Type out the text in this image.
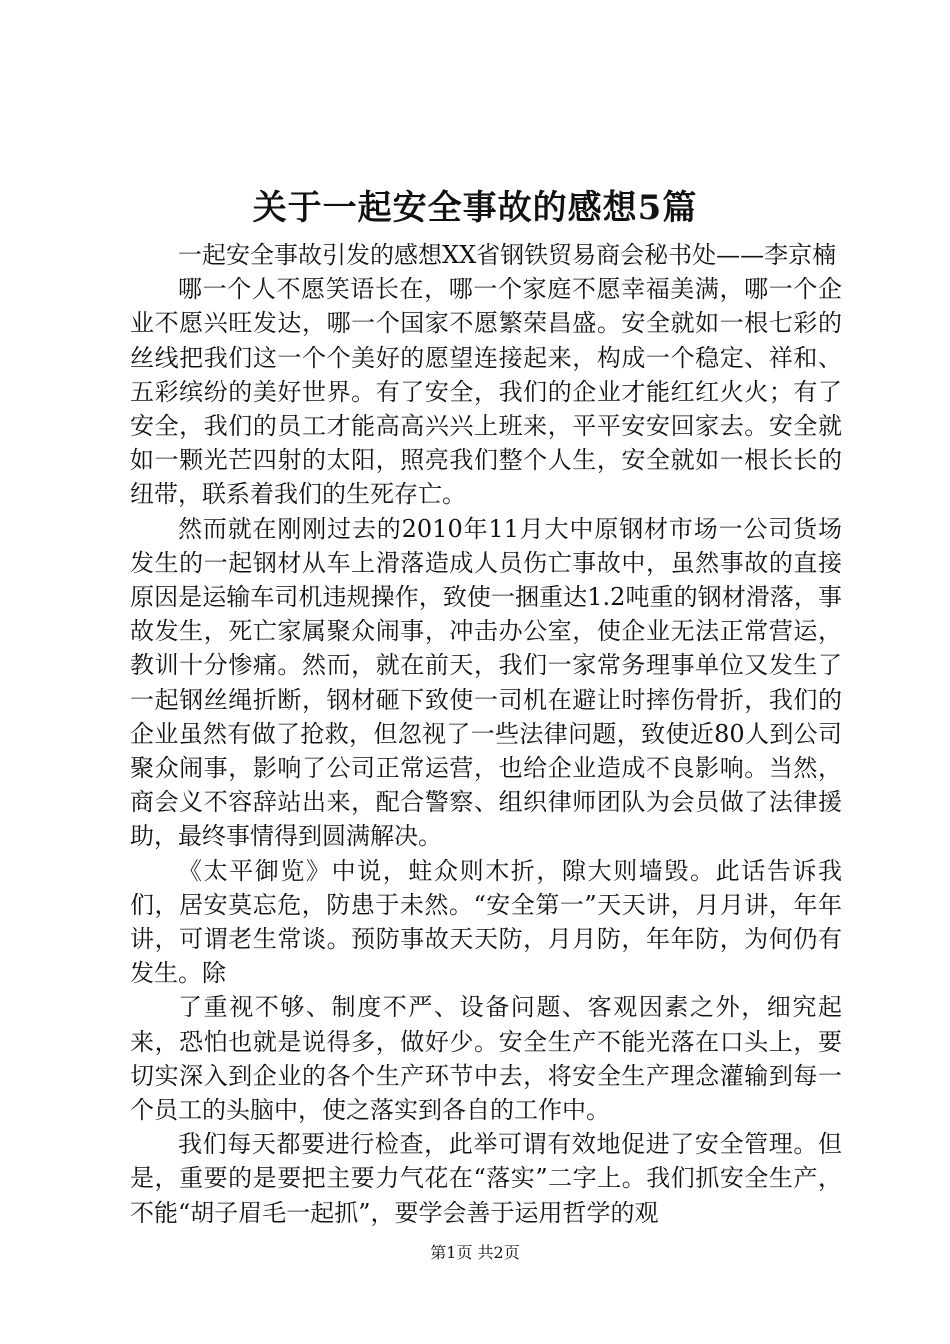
关于一起安全事故的感想5篇

一起安全事故引发的感想XX省钢铁贸易商会秘书处——李京楠

哪一个人不愿笑语长在，哪一个家庭不愿幸福美满，哪一个企业不愿兴旺发达，哪一个国家不愿繁荣昌盛。安全就如一根七彩的丝线把我们这一个个美好的愿望连接起来，构成一个稳定、祥和、五彩缤纷的美好世界。有了安全，我们的企业才能红红火火；有了安全，我们的员工才能高高兴兴上班来，平平安安回家去。安全就如一颗光芒四射的太阳，照亮我们整个人生，安全就如一根长长的纽带，联系着我们的生死存亡。

然而就在刚刚过去的2010年11月大中原钢材市场一公司货场发生的一起钢材从车上滑落造成人员伤亡事故中，虽然事故的直接原因是运输车司机违规操作，致使一捆重达1.2吨重的钢材滑落，事故发生，死亡家属聚众闹事，冲击办公室，使企业无法正常营运，教训十分惨痛。然而，就在前天，我们一家常务理事单位又发生了一起钢丝绳折断，钢材砸下致使一司机在避让时摔伤骨折，我们的企业虽然有做了抢救，但忽视了一些法律问题，致使近80人到公司聚众闹事，影响了公司正常运营，也给企业造成不良影响。当然，商会义不容辞站出来，配合警察、组织律师团队为会员做了法律援助，最终事情得到圆满解决。

《太平御览》中说，蛀众则木折，隙大则墙毁。此话告诉我们，居安莫忘危，防患于未然。“安全第一”天天讲，月月讲，年年讲，可谓老生常谈。预防事故天天防，月月防，年年防，为何仍有发生。除

了重视不够、制度不严、设备问题、客观因素之外，细究起来，恐怕也就是说得多，做好少。安全生产不能光落在口头上，要切实深入到企业的各个生产环节中去，将安全生产理念灌输到每一个员工的头脑中，使之落实到各自的工作中。

我们每天都要进行检查，此举可谓有效地促进了安全管理。但是，重要的是要把主要力气花在“落实”二字上。我们抓安全生产，不能“胡子眉毛一起抓”，要学会善于运用哲学的观

第1页 共2页
